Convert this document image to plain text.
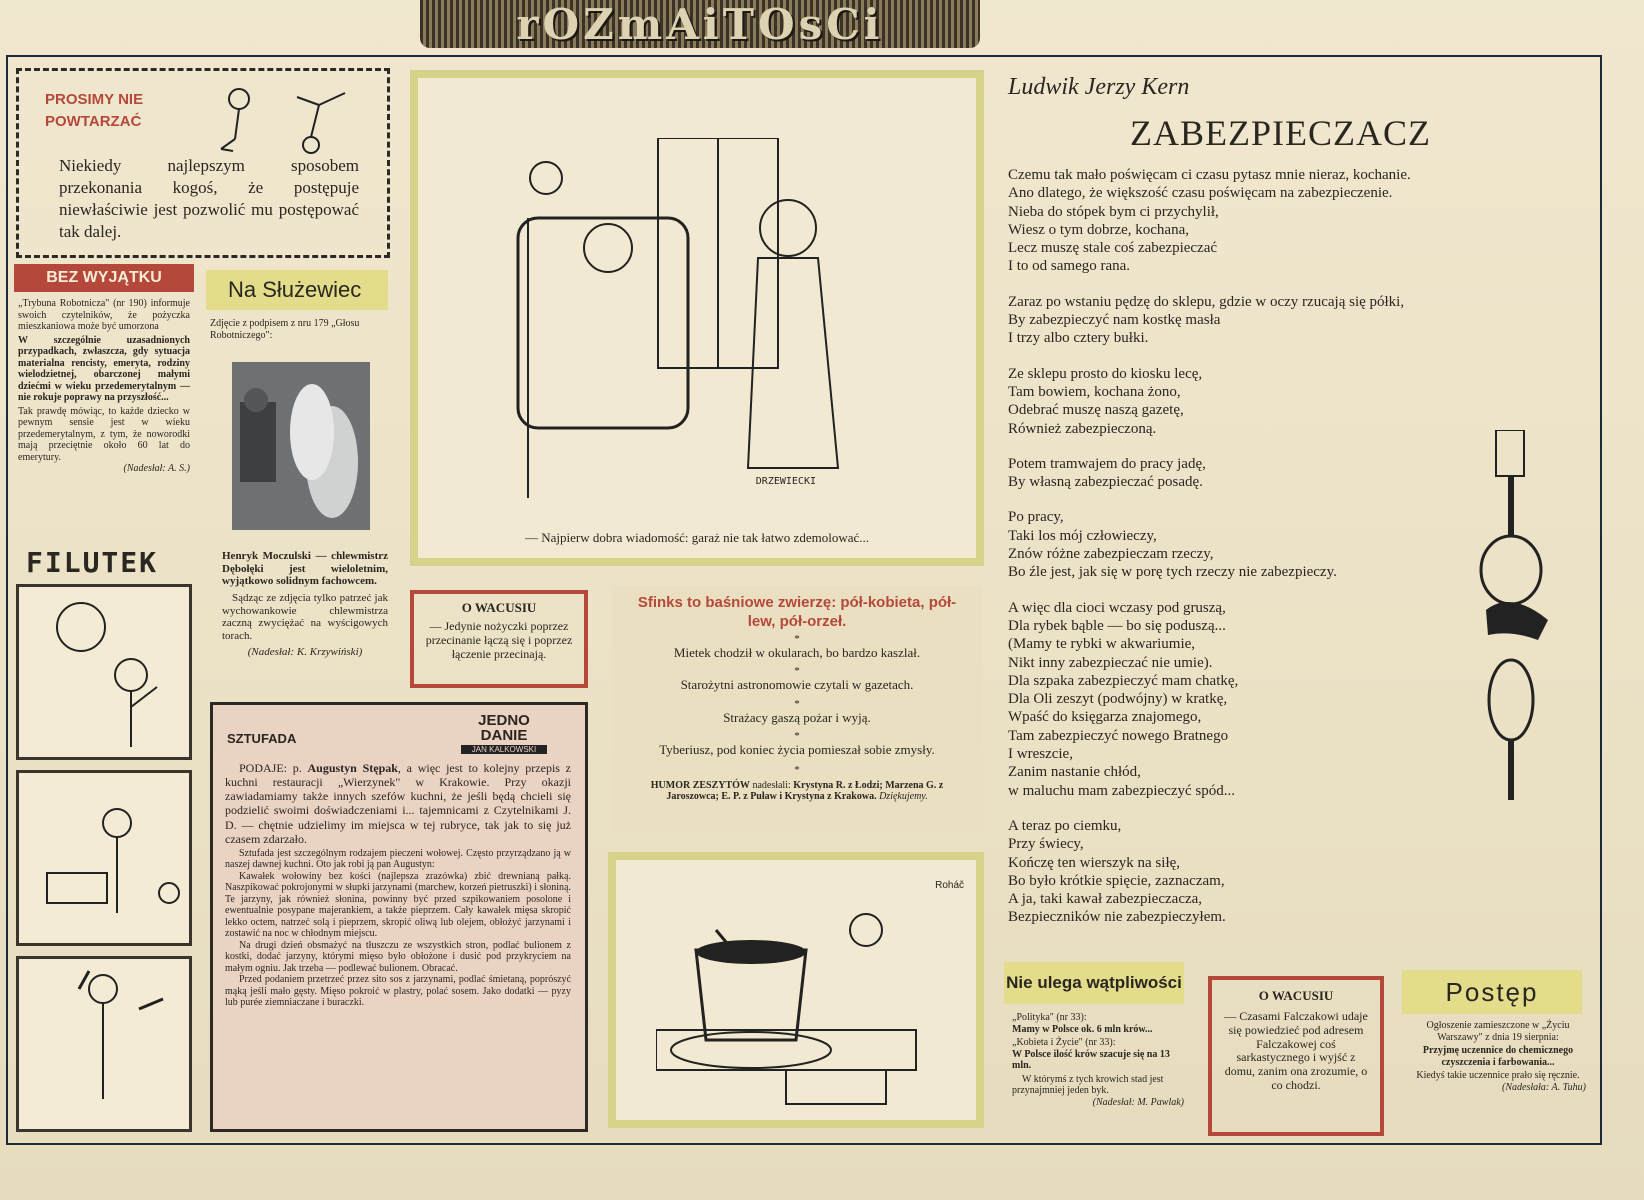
rOZmAiTOsCi
PROSIMY NIE
POWTARZAĆ
Niekiedy najlepszym sposobem przekonania kogoś, że postępuje niewłaściwie jest pozwolić mu postępować tak dalej.
BEZ WYJĄTKU

„Trybuna Robotnicza" (nr 190) informuje swoich czytelników, że pożyczka mieszkaniowa może być umorzona

W szczególnie uzasadnionych przypadkach, zwłaszcza, gdy sytuacja materialna rencisty, emeryta, rodziny wielodzietnej, obarczonej małymi dziećmi w wieku przedemerytalnym — nie rokuje poprawy na przyszłość...

Tak prawdę mówiąc, to każde dziecko w pewnym sensie jest w wieku przedemerytalnym, z tym, że noworodki mają przeciętnie około 60 lat do emerytury.

(Nadesłał: A. S.)

Na Służewiec
Zdjęcie z podpisem z nru 179 „Głosu Robotniczego":

Henryk Moczulski — chlewmistrz Dębołęki jest wieloletnim, wyjątkowo solidnym fachowcem.

Sądząc ze zdjęcia tylko patrzeć jak wychowankowie chlewmistrza zaczną zwyciężać na wyścigowych torach.

(Nadesłał: K. Krzywiński)

FILUTEK
DRZEWIECKI
— Najpierw dobra wiadomość: garaż nie tak łatwo zdemolować...
O WACUSIU
— Jedynie nożyczki poprzez przecinanie łączą się i poprzez łączenie przecinają.
SZTUFADA
JEDNO
DANIE
JAN KALKOWSKI

PODAJE: p. Augustyn Stępak, a więc jest to kolejny przepis z kuchni restauracji „Wierzynek" w Krakowie. Przy okazji zawiadamiamy także innych szefów kuchni, że jeśli będą chcieli się podzielić swoimi doświadczeniami i... tajemnicami z Czytelnikami J. D. — chętnie udzielimy im miejsca w tej rubryce, tak jak to się już czasem zdarzało.

Sztufada jest szczególnym rodzajem pieczeni wołowej. Często przyrządzano ją w naszej dawnej kuchni. Oto jak robi ją pan Augustyn:

Kawałek wołowiny bez kości (najlepsza zrazówka) zbić drewnianą pałką. Naszpikować pokrojonymi w słupki jarzynami (marchew, korzeń pietruszki) i słoniną. Te jarzyny, jak również słonina, powinny być przed szpikowaniem posolone i ewentualnie posypane majerankiem, a także pieprzem. Cały kawałek mięsa skropić lekko octem, natrzeć solą i pieprzem, skropić oliwą lub olejem, obłożyć jarzynami i zostawić na noc w chłodnym miejscu.

Na drugi dzień obsmażyć na tłuszczu ze wszystkich stron, podlać bulionem z kostki, dodać jarzyny, którymi mięso było obłożone i dusić pod przykryciem na małym ogniu. Jak trzeba — podlewać bulionem. Obracać.

Przed podaniem przetrzeć przez sito sos z jarzynami, podlać śmietaną, poprószyć mąką jeśli mało gęsty. Mięso pokroić w plastry, polać sosem. Jako dodatki — pyzy lub purée ziemniaczane i buraczki.

Sfinks to baśniowe zwierzę: pół-kobieta, pół-lew, pół-orzeł.
*
Mietek chodził w okularach, bo bardzo kaszlał.
*
Starożytni astronomowie czytali w gazetach.
*
Strażacy gaszą pożar i wyją.
*
Tyberiusz, pod koniec życia pomieszał sobie zmysły.
*
HUMOR ZESZYTÓW nadesłali: Krystyna R. z Łodzi; Marzena G. z Jaroszowca; E. P. z Puław i Krystyna z Krakowa. Dziękujemy.
Roháč
Ludwik Jerzy Kern
ZABEZPIECZACZ
Czemu tak mało poświęcam ci czasu pytasz mnie nieraz, kochanie.
Ano dlatego, że większość czasu poświęcam na zabezpieczenie.
Nieba do stópek bym ci przychylił,
Wiesz o tym dobrze, kochana,
Lecz muszę stale coś zabezpieczać
I to od samego rana.
Zaraz po wstaniu pędzę do sklepu, gdzie w oczy rzucają się półki,
By zabezpieczyć nam kostkę masła
I trzy albo cztery bułki.
Ze sklepu prosto do kiosku lecę,
Tam bowiem, kochana żono,
Odebrać muszę naszą gazetę,
Również zabezpieczoną.
Potem tramwajem do pracy jadę,
By własną zabezpieczać posadę.
Po pracy,
Taki los mój człowieczy,
Znów różne zabezpieczam rzeczy,
Bo źle jest, jak się w porę tych rzeczy nie zabezpieczy.
A więc dla cioci wczasy pod gruszą,
Dla rybek bąble — bo się poduszą...
(Mamy te rybki w akwariumie,
Nikt inny zabezpieczać nie umie).
Dla szpaka zabezpieczyć mam chatkę,
Dla Oli zeszyt (podwójny) w kratkę,
Wpaść do księgarza znajomego,
Tam zabezpieczyć nowego Bratnego
I wreszcie,
Zanim nastanie chłód,
w maluchu mam zabezpieczyć spód...
A teraz po ciemku,
Przy świecy,
Kończę ten wierszyk na siłę,
Bo było krótkie spięcie, zaznaczam,
A ja, taki kawał zabezpieczacza,
Bezpieczników nie zabezpieczyłem.
Nie ulega wątpliwości

„Polityka" (nr 33):

Mamy w Polsce ok. 6 mln krów...

„Kobieta i Życie" (nr 33):

W Polsce ilość krów szacuje się na 13 mln.

W którymś z tych krowich stad jest przynajmniej jeden byk.

(Nadesłał: M. Pawlak)

O WACUSIU
— Czasami Falczakowi udaje się powiedzieć pod adresem Falczakowej coś sarkastycznego i wyjść z domu, zanim ona zrozumie, o co chodzi.
Postęp

Ogłoszenie zamieszczone w „Życiu Warszawy" z dnia 19 sierpnia:

Przyjmę uczennice do chemicznego czyszczenia i farbowania...

Kiedyś takie uczennice prało się ręcznie.

(Nadesłała: A. Tuhu)
